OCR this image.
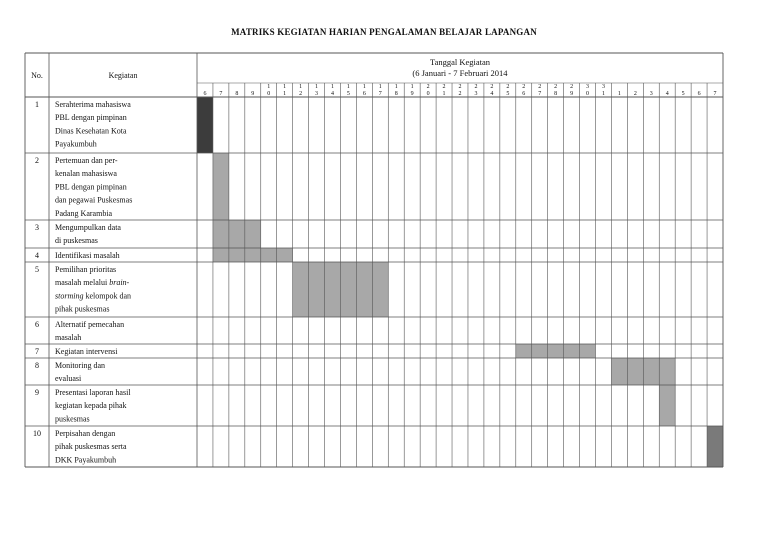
MATRIKS KEGIATAN HARIAN PENGALAMAN BELAJAR LAPANGAN
No.	Kegiatan
Tanggal Kegiatan
(6 Januari - 7 Februari 2014
6 7 8 9
1
0
1
1
1
2
1
3
1
4
1
5
1
6
1
7
1
8
1
9
2
0
2
1
2
2
2
3
2
4
2
5
2
6
2
7
2
8
2
9
3
0
3
1 1 2 3 4 5 6 7
1 Serahterima mahasiswa
PBL dengan pimpinan
Dinas Kesehatan Kota
Payakumbuh
2 Pertemuan dan per-
kenalan mahasiswa
PBL dengan pimpinan
dan pegawai Puskesmas
Padang Karambia
3 Mengumpulkan data
di puskesmas
4 Identifikasi masalah
5 Pemilihan prioritas
masalah melalui brain-
storming kelompok dan
pihak puskesmas
6 Alternatif pemecahan
masalah
7 Kegiatan intervensi
8 Monitoring dan
evaluasi
9 Presentasi laporan hasil
kegiatan kepada pihak
puskesmas
10 Perpisahan dengan
pihak puskesmas serta
DKK Payakumbuh
